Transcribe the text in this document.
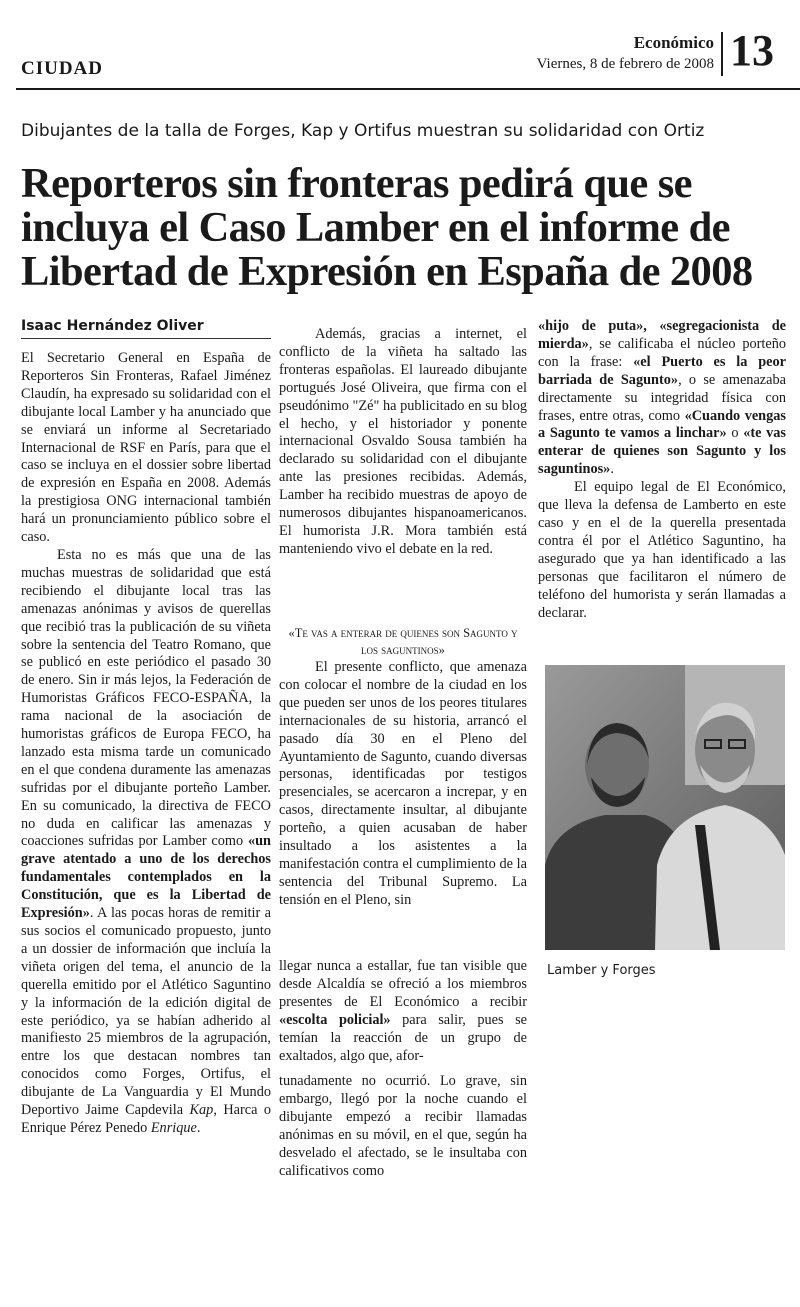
CIUDAD
Económico
Viernes, 8 de febrero de 2008 13
Dibujantes de la talla de Forges, Kap y Ortifus muestran su solidaridad con Ortiz
Reporteros sin fronteras pedirá que se incluya el Caso Lamber en el informe de Libertad de Expresión en España de 2008
Isaac Hernández Oliver

El Secretario General en España de Reporteros Sin Fronteras, Rafael Jiménez Claudín, ha expresado su solidaridad con el dibujante local Lamber y ha anunciado que se enviará un informe al Secretariado Internacional de RSF en París, para que el caso se incluya en el dossier sobre libertad de expresión en España en 2008. Además la prestigiosa ONG internacional también hará un pronunciamiento público sobre el caso.

Esta no es más que una de las muchas muestras de solidaridad que está recibiendo el dibujante local tras las amenazas anónimas y avisos de querellas que recibió tras la publicación de su viñeta sobre la sentencia del Teatro Romano, que se publicó en este periódico el pasado 30 de enero. Sin ir más lejos, la Federación de Humoristas Gráficos FECO-ESPAÑA, la rama nacional de la asociación de humoristas gráficos de Europa FECO, ha lanzado esta misma tarde un comunicado en el que condena duramente las amenazas sufridas por el dibujante porteño Lamber. En su comunicado, la directiva de FECO no duda en calificar las amenazas y coacciones sufridas por Lamber como «un grave atentado a uno de los derechos fundamentales contemplados en la Constitución, que es la Libertad de Expresión». A las pocas horas de remitir a sus socios el comunicado propuesto, junto a un dossier de información que incluía la viñeta origen del tema, el anuncio de la querella emitido por el Atlético Saguntino y la información de la edición digital de este periódico, ya se habían adherido al manifiesto 25 miembros de la agrupación, entre los que destacan nombres tan conocidos como Forges, Ortifus, el dibujante de La Vanguardia y El Mundo Deportivo Jaime Capdevila Kap, Harca o Enrique Pérez Penedo Enrique.

Además, gracias a internet, el conflicto de la viñeta ha saltado las fronteras españolas. El laureado dibujante portugués José Oliveira, que firma con el pseudónimo "Zé" ha publicitado en su blog el hecho, y el historiador y ponente internacional Osvaldo Sousa también ha declarado su solidaridad con el dibujante ante las presiones recibidas. Además, Lamber ha recibido muestras de apoyo de numerosos dibujantes hispanoamericanos. El humorista J.R. Mora también está manteniendo vivo el debate en la red.

«Te vas a enterar de quienes son Sagunto y los saguntinos»

El presente conflicto, que amenaza con colocar el nombre de la ciudad en los que pueden ser unos de los peores titulares internacionales de su historia, arrancó el pasado día 30 en el Pleno del Ayuntamiento de Sagunto, cuando diversas personas, identificadas por testigos presenciales, se acercaron a increpar, y en casos, directamente insultar, al dibujante porteño, a quien acusaban de haber insultado a los asistentes a la manifestación contra el cumplimiento de la sentencia del Tribunal Supremo. La tensión en el Pleno, sin

llegar nunca a estallar, fue tan visible que desde Alcaldía se ofreció a los miembros presentes de El Económico a recibir «escolta policial» para salir, pues se temían la reacción de un grupo de exaltados, algo que, afor-

tunadamente no ocurrió. Lo grave, sin embargo, llegó por la noche cuando el dibujante empezó a recibir llamadas anónimas en su móvil, en el que, según ha desvelado el afectado, se le insultaba con calificativos como

«hijo de puta», «segregacionista de mierda», se calificaba el núcleo porteño con la frase: «el Puerto es la peor barriada de Sagunto», o se amenazaba directamente su integridad física con frases, entre otras, como «Cuando vengas a Sagunto te vamos a linchar» o «te vas enterar de quienes son Sagunto y los saguntinos».

El equipo legal de El Económico, que lleva la defensa de Lamberto en este caso y en el de la querella presentada contra él por el Atlético Saguntino, ha asegurado que ya han identificado a las personas que facilitaron el número de teléfono del humorista y serán llamadas a declarar.

Lamber y Forges
